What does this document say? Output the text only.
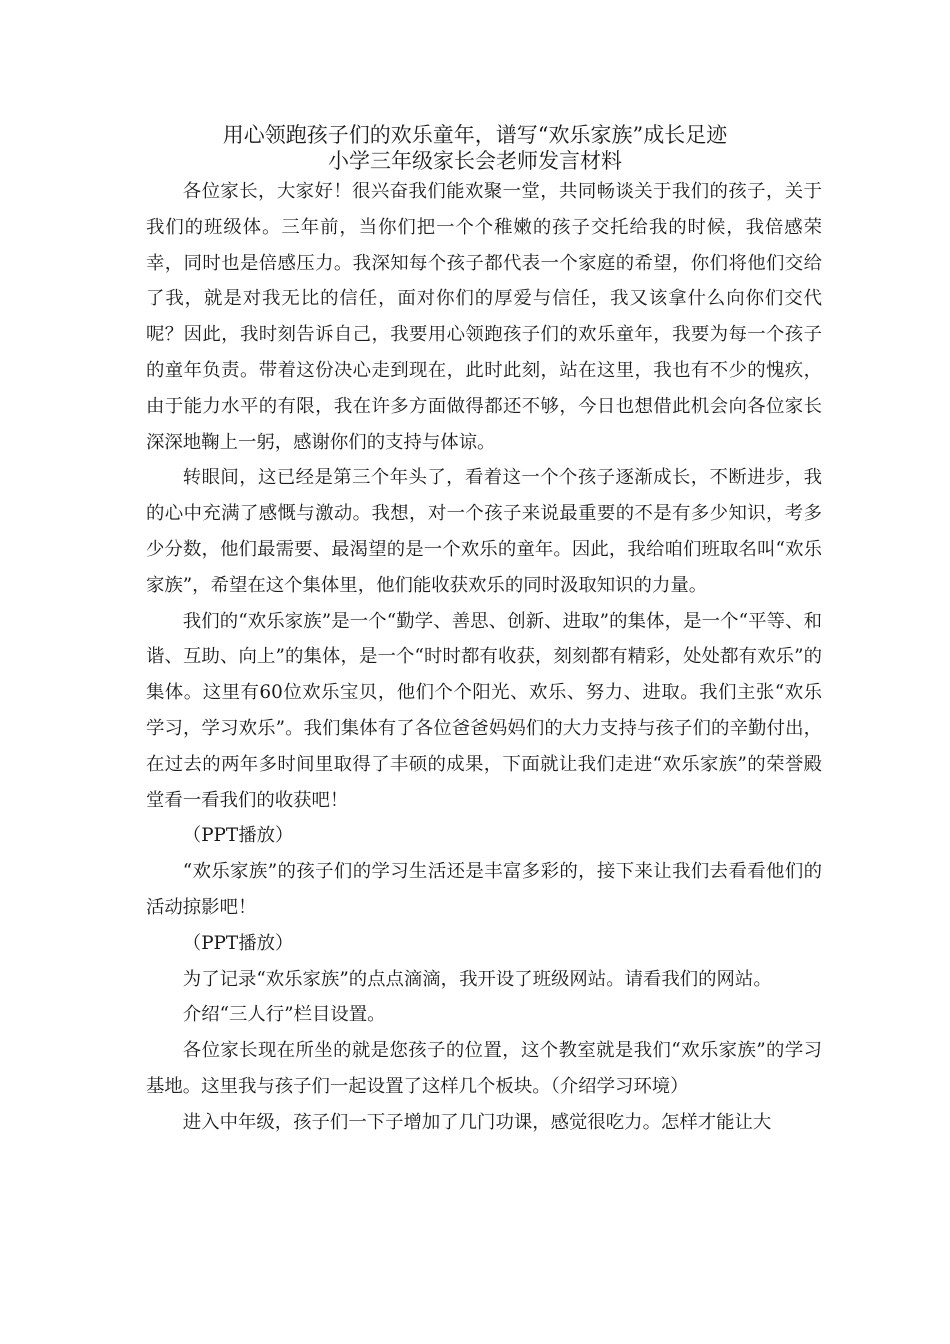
用心领跑孩子们的欢乐童年，谱写“欢乐家族”成长足迹
小学三年级家长会老师发言材料

各位家长，大家好！很兴奋我们能欢聚一堂，共同畅谈关于我们的孩子，关于我们的班级体。三年前，当你们把一个个稚嫩的孩子交托给我的时候，我倍感荣幸，同时也是倍感压力。我深知每个孩子都代表一个家庭的希望，你们将他们交给了我，就是对我无比的信任，面对你们的厚爱与信任，我又该拿什么向你们交代呢？因此，我时刻告诉自己，我要用心领跑孩子们的欢乐童年，我要为每一个孩子的童年负责。带着这份决心走到现在，此时此刻，站在这里，我也有不少的愧疚，由于能力水平的有限，我在许多方面做得都还不够，今日也想借此机会向各位家长深深地鞠上一躬，感谢你们的支持与体谅。

转眼间，这已经是第三个年头了，看着这一个个孩子逐渐成长，不断进步，我的心中充满了感慨与激动。我想，对一个孩子来说最重要的不是有多少知识，考多少分数，他们最需要、最渴望的是一个欢乐的童年。因此，我给咱们班取名叫“欢乐家族”，希望在这个集体里，他们能收获欢乐的同时汲取知识的力量。

我们的“欢乐家族”是一个“勤学、善思、创新、进取”的集体，是一个“平等、和谐、互助、向上”的集体，是一个“时时都有收获，刻刻都有精彩，处处都有欢乐”的集体。这里有60位欢乐宝贝，他们个个阳光、欢乐、努力、进取。我们主张“欢乐学习，学习欢乐”。我们集体有了各位爸爸妈妈们的大力支持与孩子们的辛勤付出，在过去的两年多时间里取得了丰硕的成果，下面就让我们走进“欢乐家族”的荣誉殿堂看一看我们的收获吧！

（PPT播放）

“欢乐家族”的孩子们的学习生活还是丰富多彩的，接下来让我们去看看他们的活动掠影吧！

（PPT播放）

为了记录“欢乐家族”的点点滴滴，我开设了班级网站。请看我们的网站。

介绍“三人行”栏目设置。

各位家长现在所坐的就是您孩子的位置，这个教室就是我们“欢乐家族”的学习基地。这里我与孩子们一起设置了这样几个板块。（介绍学习环境）

进入中年级，孩子们一下子增加了几门功课，感觉很吃力。怎样才能让大
